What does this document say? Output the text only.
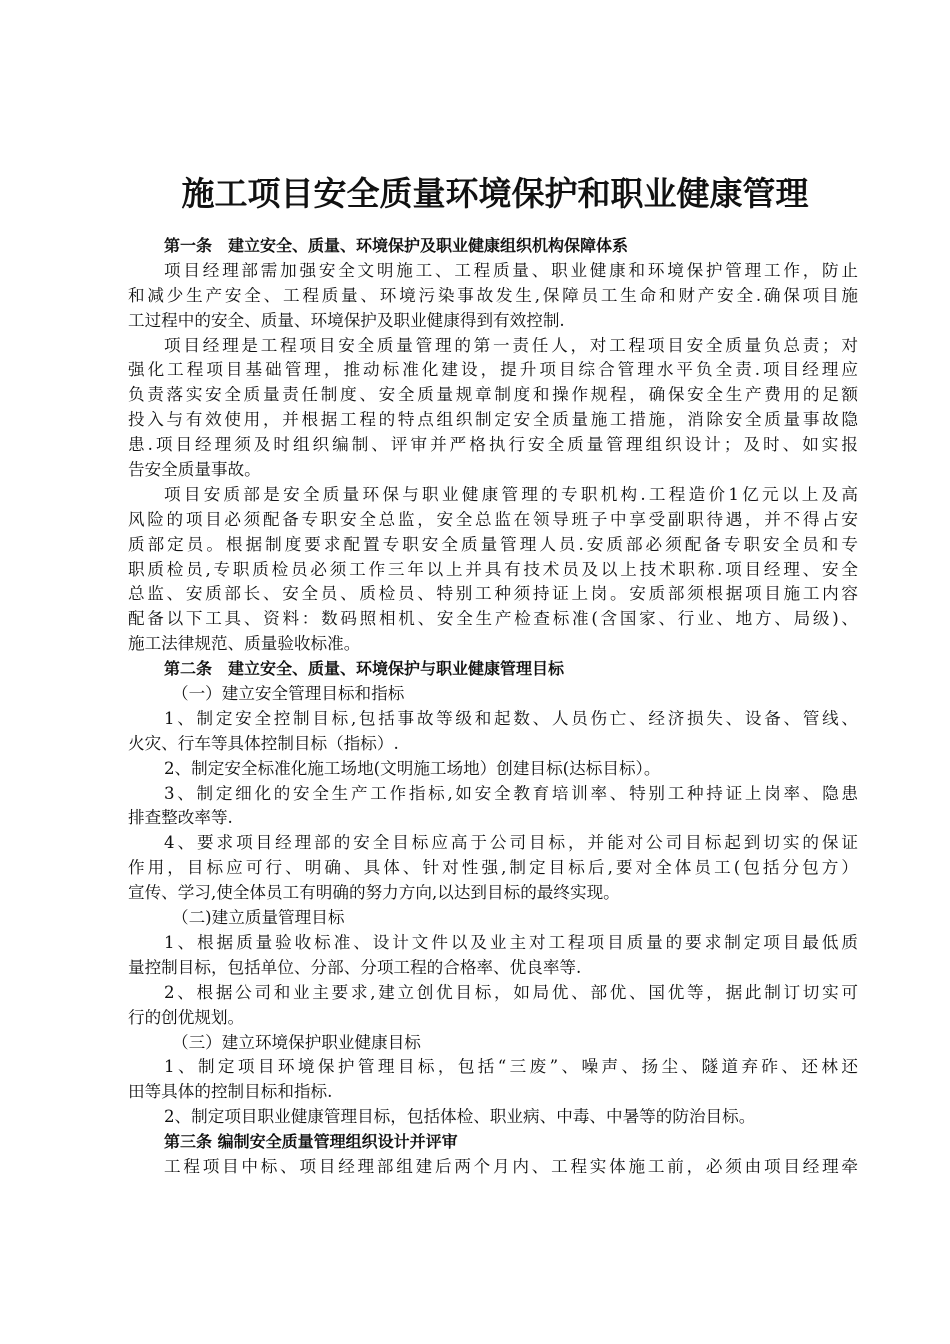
施工项目安全质量环境保护和职业健康管理
第一条　建立安全、质量、环境保护及职业健康组织机构保障体系
项目经理部需加强安全文明施工、工程质量、职业健康和环境保护管理工作，防止
和减少生产安全、工程质量、环境污染事故发生,保障员工生命和财产安全.确保项目施
工过程中的安全、质量、环境保护及职业健康得到有效控制.
项目经理是工程项目安全质量管理的第一责任人，对工程项目安全质量负总责；对
强化工程项目基础管理，推动标准化建设，提升项目综合管理水平负全责.项目经理应
负责落实安全质量责任制度、安全质量规章制度和操作规程，确保安全生产费用的足额
投入与有效使用，并根据工程的特点组织制定安全质量施工措施，消除安全质量事故隐
患.项目经理须及时组织编制、评审并严格执行安全质量管理组织设计；及时、如实报
告安全质量事故。
项目安质部是安全质量环保与职业健康管理的专职机构.工程造价1亿元以上及高
风险的项目必须配备专职安全总监，安全总监在领导班子中享受副职待遇，并不得占安
质部定员。根据制度要求配置专职安全质量管理人员.安质部必须配备专职安全员和专
职质检员,专职质检员必须工作三年以上并具有技术员及以上技术职称.项目经理、安全
总监、安质部长、安全员、质检员、特别工种须持证上岗。安质部须根据项目施工内容
配备以下工具、资料：数码照相机、安全生产检查标准(含国家、行业、地方、局级)、
施工法律规范、质量验收标准。
第二条　建立安全、质量、环境保护与职业健康管理目标
（一）建立安全管理目标和指标
1、制定安全控制目标,包括事故等级和起数、人员伤亡、经济损失、设备、管线、
火灾、行车等具体控制目标（指标）.
2、制定安全标准化施工场地(文明施工场地）创建目标(达标目标）。
3、制定细化的安全生产工作指标,如安全教育培训率、特别工种持证上岗率、隐患
排查整改率等.
4、要求项目经理部的安全目标应高于公司目标，并能对公司目标起到切实的保证
作用，目标应可行、明确、具体、针对性强,制定目标后,要对全体员工(包括分包方）
宣传、学习,使全体员工有明确的努力方向,以达到目标的最终实现。
（二)建立质量管理目标
1、根据质量验收标准、设计文件以及业主对工程项目质量的要求制定项目最低质
量控制目标，包括单位、分部、分项工程的合格率、优良率等.
2、根据公司和业主要求,建立创优目标，如局优、部优、国优等，据此制订切实可
行的创优规划。
（三）建立环境保护职业健康目标
1、制定项目环境保护管理目标，包括“三废”、噪声、扬尘、隧道弃砟、还林还
田等具体的控制目标和指标.
2、制定项目职业健康管理目标，包括体检、职业病、中毒、中暑等的防治目标。
第三条 编制安全质量管理组织设计并评审
工程项目中标、项目经理部组建后两个月内、工程实体施工前，必须由项目经理牵
